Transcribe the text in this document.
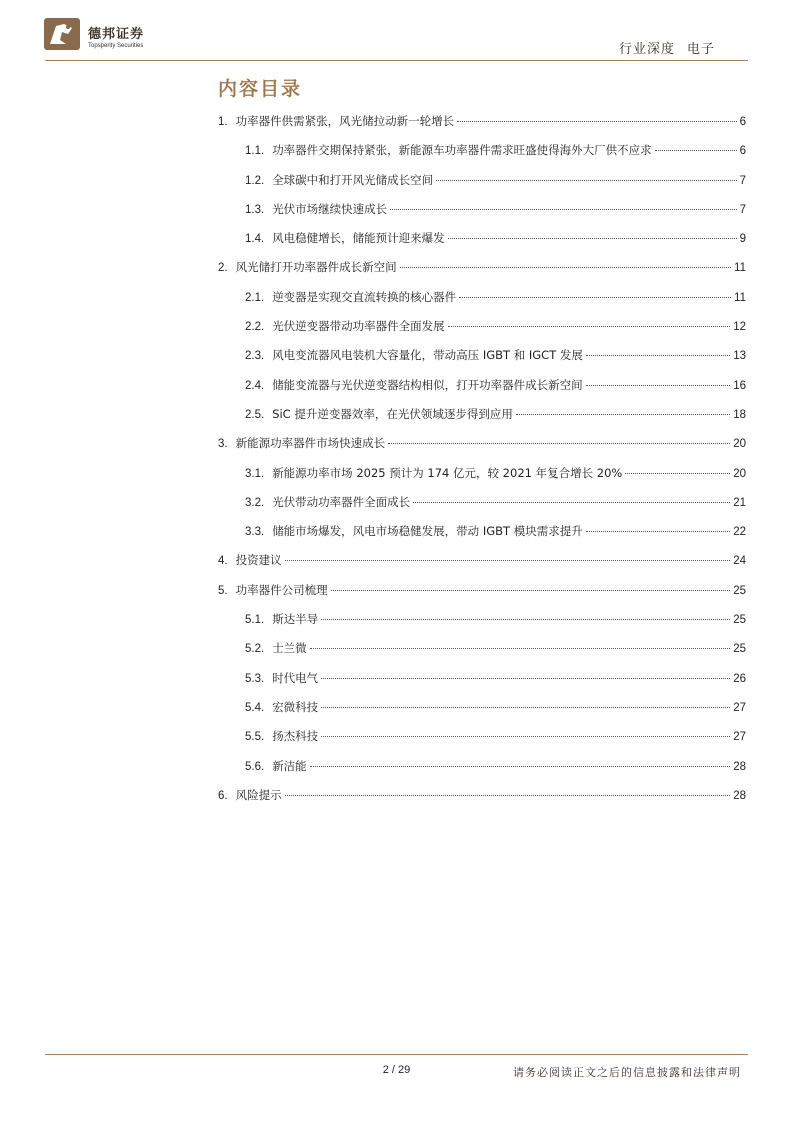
德邦证券
Topsperity Securities	行业深度 电子
内容目录
1. 功率器件供需紧张，风光储拉动新一轮增长	6
1.1. 功率器件交期保持紧张，新能源车功率器件需求旺盛使得海外大厂供不应求	6
1.2. 全球碳中和打开风光储成长空间	7
1.3. 光伏市场继续快速成长	7
1.4. 风电稳健增长，储能预计迎来爆发	9
2. 风光储打开功率器件成长新空间	11
2.1. 逆变器是实现交直流转换的核心器件	11
2.2. 光伏逆变器带动功率器件全面发展	12
2.3. 风电变流器风电装机大容量化，带动高压 IGBT 和 IGCT 发展	13
2.4. 储能变流器与光伏逆变器结构相似，打开功率器件成长新空间	16
2.5. SiC 提升逆变器效率，在光伏领域逐步得到应用	18
3. 新能源功率器件市场快速成长	20
3.1. 新能源功率市场 2025 预计为 174 亿元，较 2021 年复合增长 20%	20
3.2. 光伏带动功率器件全面成长	21
3.3. 储能市场爆发，风电市场稳健发展，带动 IGBT 模块需求提升	22
4. 投资建议	24
5. 功率器件公司梳理	25
5.1. 斯达半导	25
5.2. 士兰微	25
5.3. 时代电气	26
5.4. 宏微科技	27
5.5. 扬杰科技	27
5.6. 新洁能	28
6. 风险提示	28
2 / 29	请务必阅读正文之后的信息披露和法律声明
